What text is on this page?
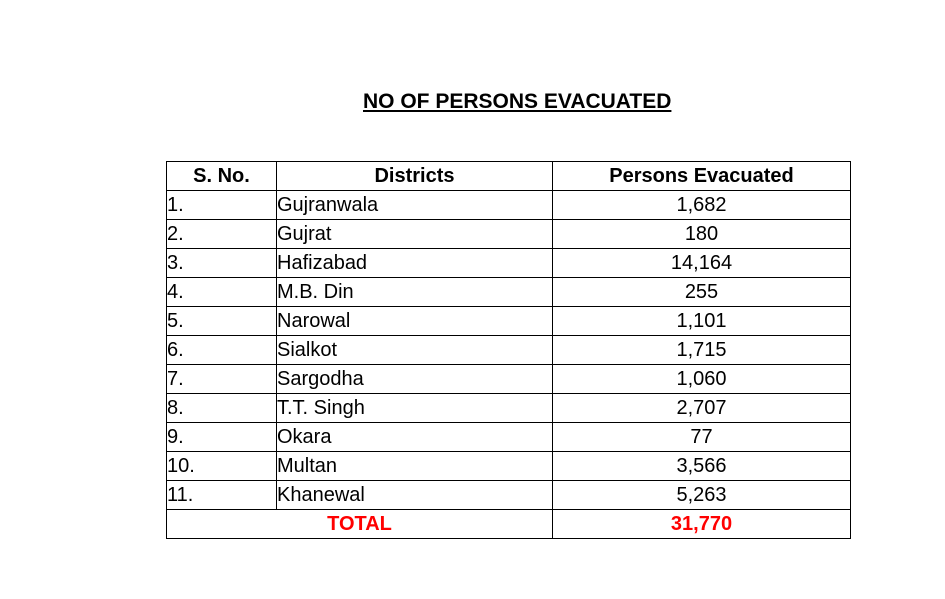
NO OF PERSONS EVACUATED
S. No.	Districts	Persons Evacuated
1.	Gujranwala	1,682
2.	Gujrat	180
3.	Hafizabad	14,164
4.	M.B. Din	255
5.	Narowal	1,101
6.	Sialkot	1,715
7.	Sargodha	1,060
8.	T.T. Singh	2,707
9.	Okara	77
10.	Multan	3,566
11.	Khanewal	5,263
TOTAL		31,770
